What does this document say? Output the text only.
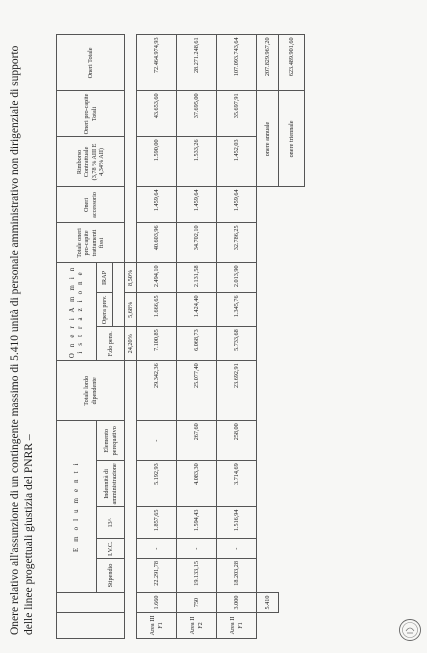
Onere relativo all'assunzione di un contingente massimo di 5.410 unità di personale amministrativo non dirigenziale di supporto delle linee progettuali giustizia del PNRR –
			E m o l u m e n t i					Totale lordo dipendente	O n e r i A m m i n i s t r a z i o n e			Totale oneri pro-capite trattamenti fissi	Oneri accessorio	Rimborso Contrattuale (3,78 % AIII E 4,34% AII)	Oneri pro-capite Totali	Oneri Totale
		Stipendio	I.V.C.	13^	Indennità di amministrazione	Elemento perequativo		F.do pens.	Opera prev.	IRAP					

								24,20%	5,68%	8,50%					
Area III F1	1.660	22.291,78	-	1.857,65	5.192,93	-	29.342,36	7.100,85	1.666,65	2.494,10	40.603,96	1.459,64	1.590,00	43.653,60	72.464.974,93
Area II F2	750	19.133,15	-	1.594,43	4.083,30	267,60	25.077,40	6.068,73	1.424,40	2.131,58	34.702,10	1.459,64	1.533,26	37.695,00	28.271.248,61
Area II F1	3.000	18.203,28	-	1.516,94	3.714,69	258,00	23.692,91	5.733,68	1.345,76	2.013,90	32.786,25	1.459,64	1.452,03	35.697,91	107.093.743,64
	5.410												onere annuale		207.829.967,20
													onere triennale		623.489.901,60
